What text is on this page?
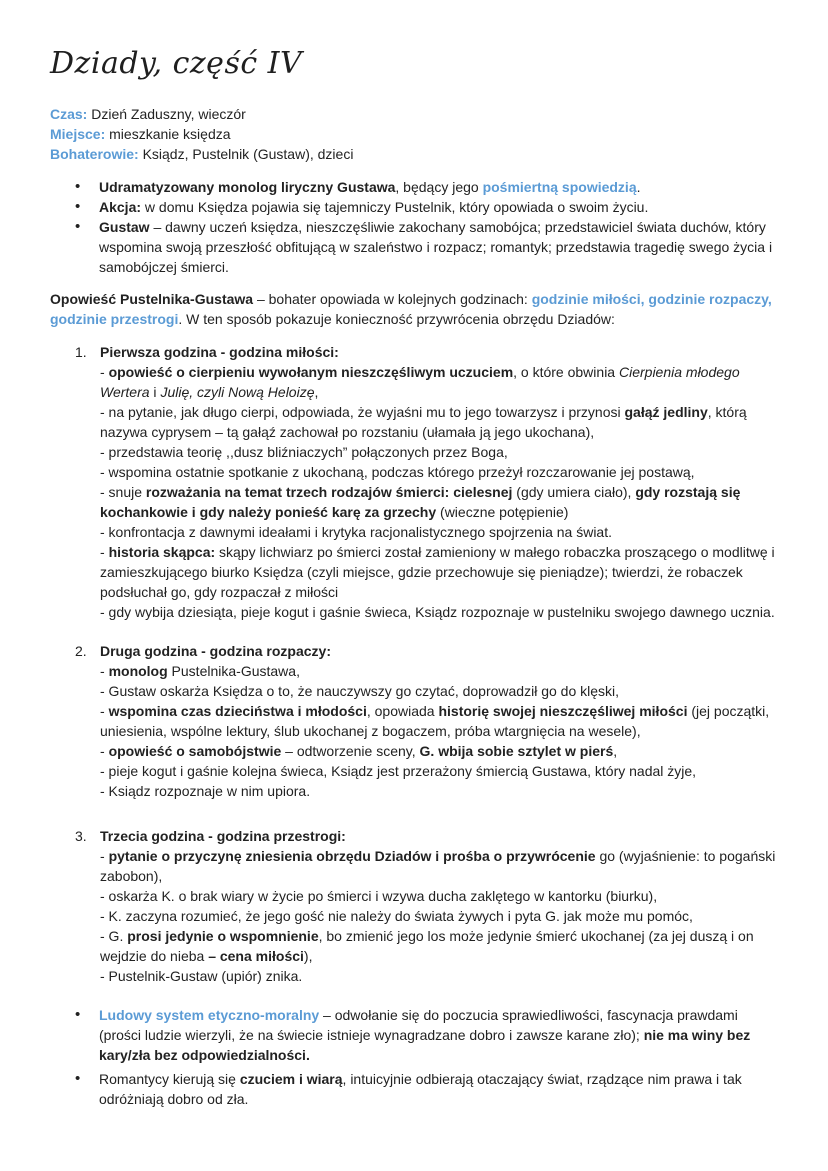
Dziady, część IV
Czas: Dzień Zaduszny, wieczór
Miejsce: mieszkanie księdza
Bohaterowie: Ksiądz, Pustelnik (Gustaw), dzieci
• Udramatyzowany monolog liryczny Gustawa, będący jego pośmiertną spowiedzią.
• Akcja: w domu Księdza pojawia się tajemniczy Pustelnik, który opowiada o swoim życiu.
• Gustaw – dawny uczeń księdza, nieszczęśliwie zakochany samobójca; przedstawiciel świata duchów, który wspomina swoją przeszłość obfitującą w szaleństwo i rozpacz; romantyk; przedstawia tragedię swego życia i samobójczej śmierci.

Opowieść Pustelnika-Gustawa – bohater opowiada w kolejnych godzinach: godzinie miłości, godzinie rozpaczy, godzinie przestrogi. W ten sposób pokazuje konieczność przywrócenia obrzędu Dziadów:

1. Pierwsza godzina - godzina miłości:
- opowieść o cierpieniu wywołanym nieszczęśliwym uczuciem, o które obwinia Cierpienia młodego Wertera i Julię, czyli Nową Heloizę,
- na pytanie, jak długo cierpi, odpowiada, że wyjaśni mu to jego towarzysz i przynosi gałąź jedliny, którą nazywa cyprysem – tą gałąź zachował po rozstaniu (ułamała ją jego ukochana),
- przedstawia teorię ,,dusz bliźniaczych” połączonych przez Boga,
- wspomina ostatnie spotkanie z ukochaną, podczas którego przeżył rozczarowanie jej postawą,
- snuje rozważania na temat trzech rodzajów śmierci: cielesnej (gdy umiera ciało), gdy rozstają się kochankowie i gdy należy ponieść karę za grzechy (wieczne potępienie)
- konfrontacja z dawnymi ideałami i krytyka racjonalistycznego spojrzenia na świat.
- historia skąpca: skąpy lichwiarz po śmierci został zamieniony w małego robaczka proszącego o modlitwę i zamieszkującego biurko Księdza (czyli miejsce, gdzie przechowuje się pieniądze); twierdzi, że robaczek podsłuchał go, gdy rozpaczał z miłości
- gdy wybija dziesiąta, pieje kogut i gaśnie świeca, Ksiądz rozpoznaje w pustelniku swojego dawnego ucznia.
2. Druga godzina - godzina rozpaczy:
- monolog Pustelnika-Gustawa,
- Gustaw oskarża Księdza o to, że nauczywszy go czytać, doprowadził go do klęski,
- wspomina czas dzieciństwa i młodości, opowiada historię swojej nieszczęśliwej miłości (jej początki, uniesienia, wspólne lektury, ślub ukochanej z bogaczem, próba wtargnięcia na wesele),
- opowieść o samobójstwie – odtworzenie sceny, G. wbija sobie sztylet w pierś,
- pieje kogut i gaśnie kolejna świeca, Ksiądz jest przerażony śmiercią Gustawa, który nadal żyje,
- Ksiądz rozpoznaje w nim upiora.
3. Trzecia godzina - godzina przestrogi:
- pytanie o przyczynę zniesienia obrzędu Dziadów i prośba o przywrócenie go (wyjaśnienie: to pogański zabobon),
- oskarża K. o brak wiary w życie po śmierci i wzywa ducha zaklętego w kantorku (biurku),
- K. zaczyna rozumieć, że jego gość nie należy do świata żywych i pyta G. jak może mu pomóc,
- G. prosi jedynie o wspomnienie, bo zmienić jego los może jedynie śmierć ukochanej (za jej duszą i on wejdzie do nieba – cena miłości),
- Pustelnik-Gustaw (upiór) znika.
• Ludowy system etyczno-moralny – odwołanie się do poczucia sprawiedliwości, fascynacja prawdami (prości ludzie wierzyli, że na świecie istnieje wynagradzane dobro i zawsze karane zło); nie ma winy bez kary/zła bez odpowiedzialności.
• Romantycy kierują się czuciem i wiarą, intuicyjnie odbierają otaczający świat, rządzące nim prawa i tak odróżniają dobro od zła.
